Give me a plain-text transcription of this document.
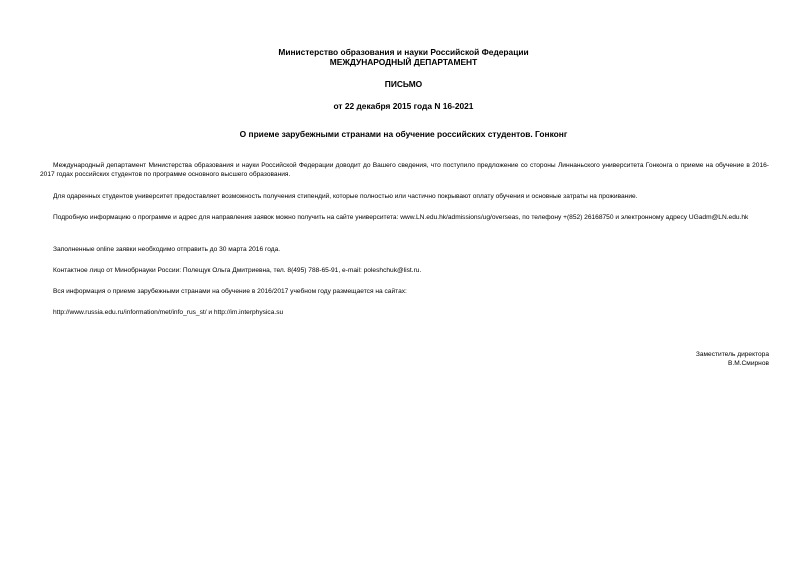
Министерство образования и науки Российской Федерации
МЕЖДУНАРОДНЫЙ ДЕПАРТАМЕНТ
ПИСЬМО
от 22 декабря 2015 года N 16-2021
О приеме зарубежными странами на обучение российских студентов. Гонконг
Международный департамент Министерства образования и науки Российской Федерации доводит до Вашего сведения, что поступило предложение со стороны Линнаньского университета Гонконга о приеме на обучение в 2016-2017 годах российских студентов по программе основного высшего образования.
Для одаренных студентов университет предоставляет возможность получения стипендий, которые полностью или частично покрывают оплату обучения и основные затраты на проживание.
Подробную информацию о программе и адрес для направления заявок можно получить на сайте университета: www.LN.edu.hk/admissions/ug/overseas, по телефону +(852) 26168750 и электронному адресу UGadm@LN.edu.hk
Заполненные online заявки необходимо отправить до 30 марта 2016 года.
Контактное лицо от Минобрнауки России: Полещук Ольга Дмитриевна, тел. 8(495) 788-65-91, e-mail: poleshchuk@list.ru.
Вся информация о приеме зарубежными странами на обучение в 2016/2017 учебном году размещается на сайтах:
http://www.russia.edu.ru/information/met/info_rus_st/ и http://im.interphysica.su
Заместитель директора
В.М.Смирнов
